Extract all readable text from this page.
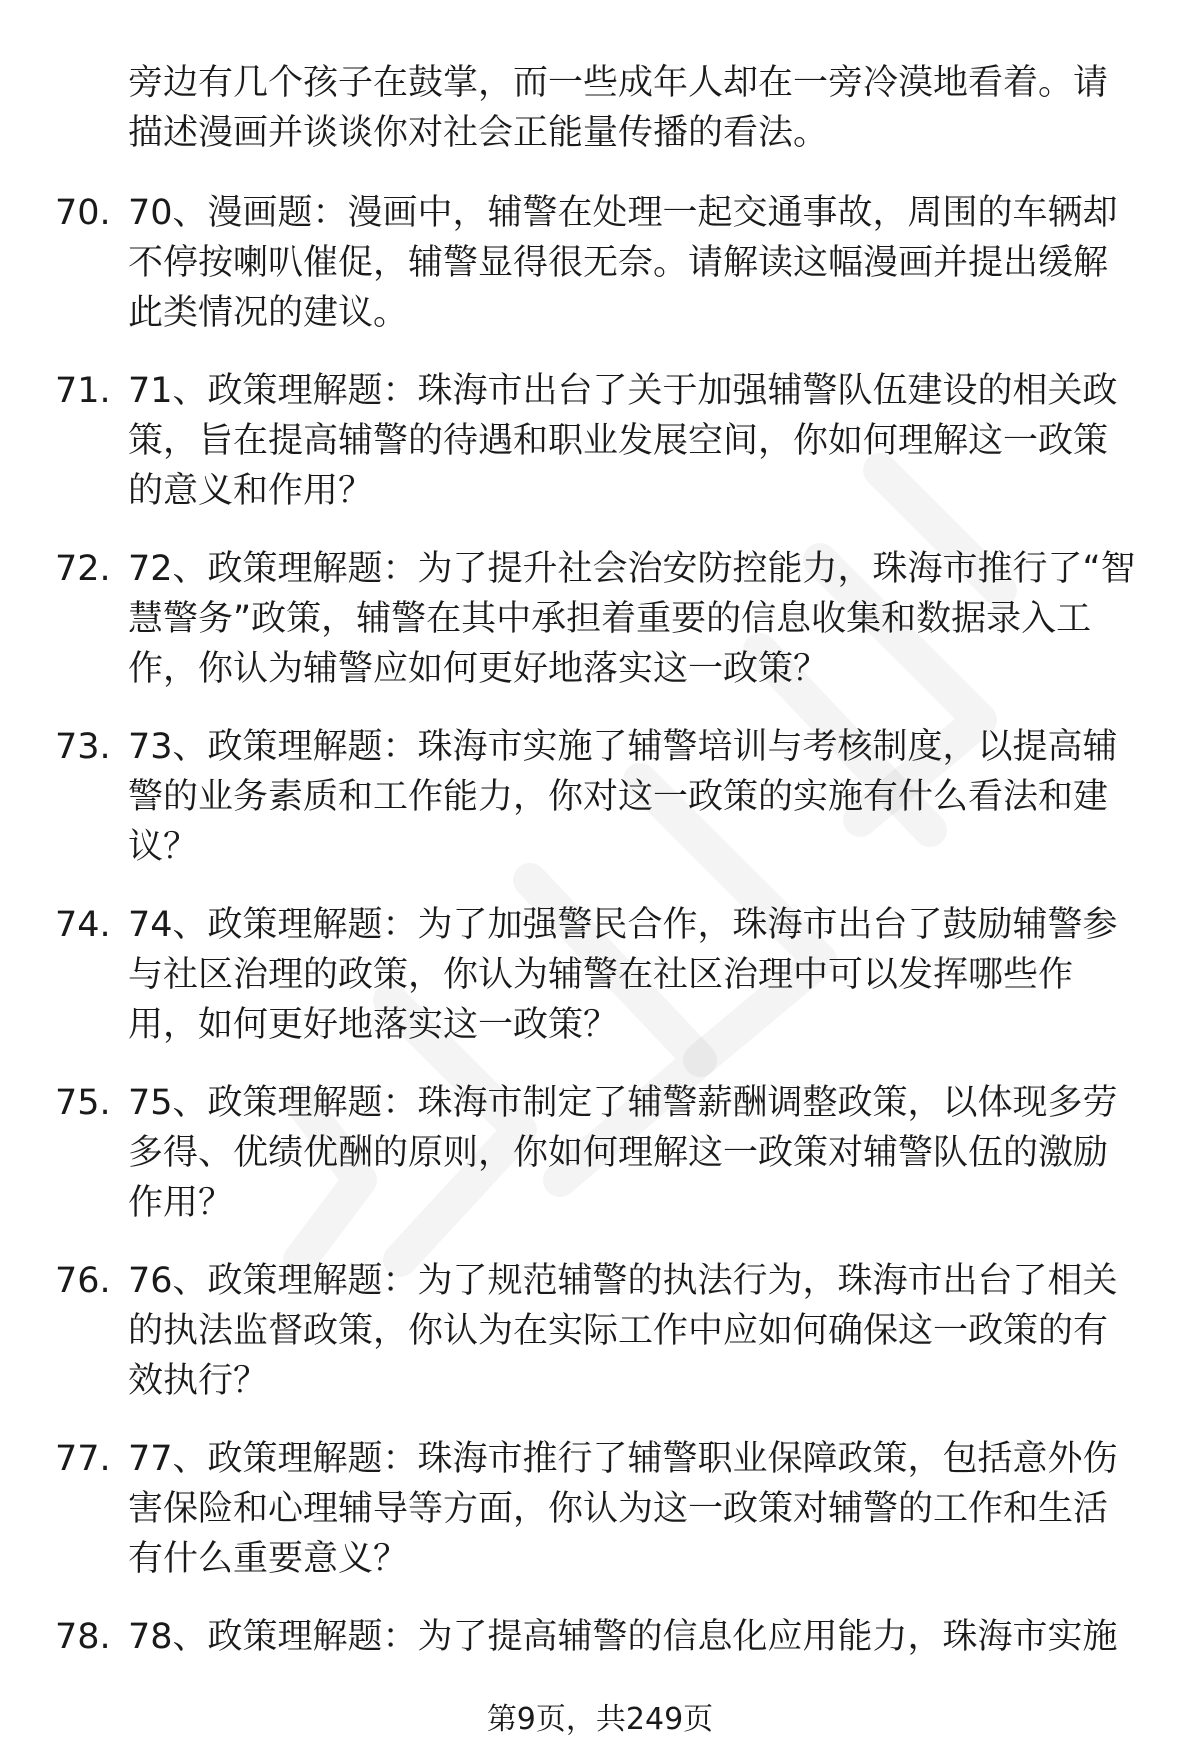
旁边有几个孩子在鼓掌，而一些成年人却在一旁冷漠地看着。请描述漫画并谈谈你对社会正能量传播的看法。

70. 70、漫画题：漫画中，辅警在处理一起交通事故，周围的车辆却不停按喇叭催促，辅警显得很无奈。请解读这幅漫画并提出缓解此类情况的建议。

71. 71、政策理解题：珠海市出台了关于加强辅警队伍建设的相关政策，旨在提高辅警的待遇和职业发展空间，你如何理解这一政策的意义和作用？

72. 72、政策理解题：为了提升社会治安防控能力，珠海市推行了“智慧警务”政策，辅警在其中承担着重要的信息收集和数据录入工作，你认为辅警应如何更好地落实这一政策？

73. 73、政策理解题：珠海市实施了辅警培训与考核制度，以提高辅警的业务素质和工作能力，你对这一政策的实施有什么看法和建议？

74. 74、政策理解题：为了加强警民合作，珠海市出台了鼓励辅警参与社区治理的政策，你认为辅警在社区治理中可以发挥哪些作用，如何更好地落实这一政策？

75. 75、政策理解题：珠海市制定了辅警薪酬调整政策，以体现多劳多得、优绩优酬的原则，你如何理解这一政策对辅警队伍的激励作用？

76. 76、政策理解题：为了规范辅警的执法行为，珠海市出台了相关的执法监督政策，你认为在实际工作中应如何确保这一政策的有效执行？

77. 77、政策理解题：珠海市推行了辅警职业保障政策，包括意外伤害保险和心理辅导等方面，你认为这一政策对辅警的工作和生活有什么重要意义？

78. 78、政策理解题：为了提高辅警的信息化应用能力，珠海市实施

第9页，共249页
